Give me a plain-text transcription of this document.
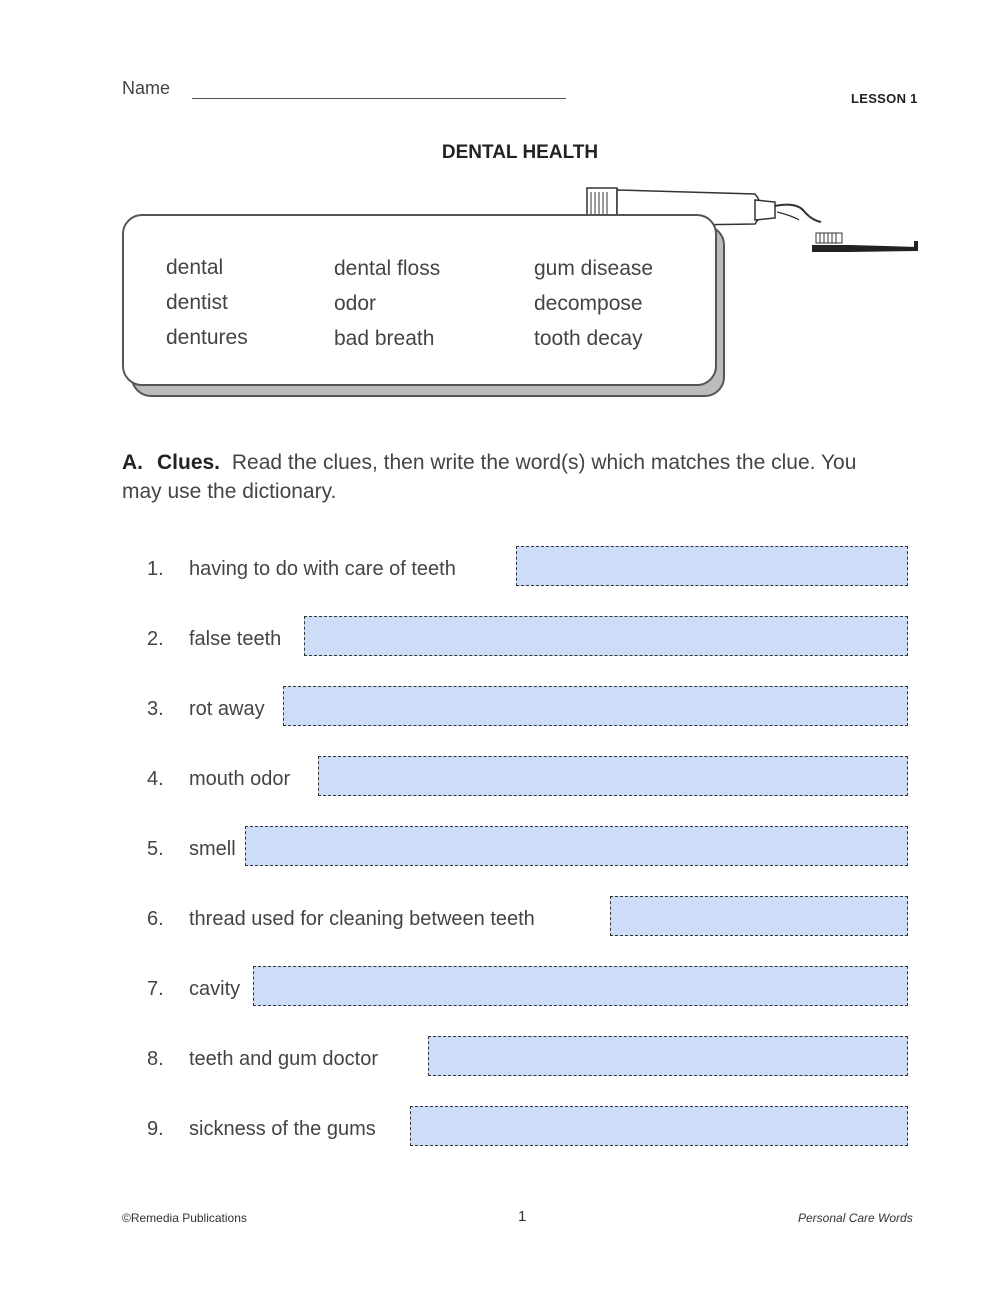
Name
LESSON 1
DENTAL HEALTH
dental
dentist
dentures
dental floss
odor
bad breath
gum disease
decompose
tooth decay
A. Clues. Read the clues, then write the word(s) which matches the clue. You may use the dictionary.
1. having to do with care of teeth
2. false teeth
3. rot away
4. mouth odor
5. smell
6. thread used for cleaning between teeth
7. cavity
8. teeth and gum doctor
9. sickness of the gums
©Remedia Publications	1	Personal Care Words
